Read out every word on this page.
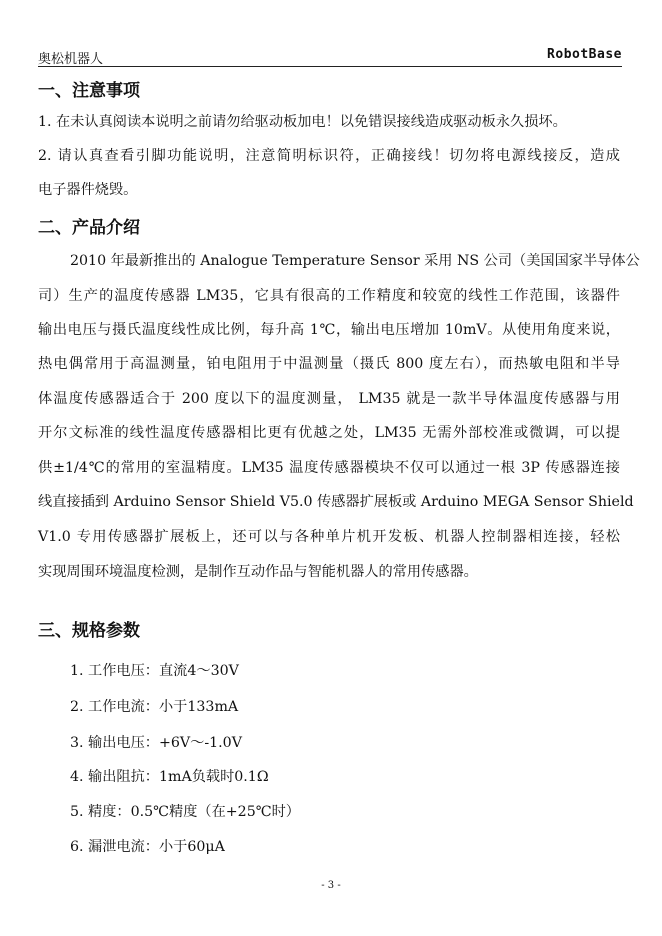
奥松机器人	RobotBase
一、注意事项
1. 在未认真阅读本说明之前请勿给驱动板加电！以免错误接线造成驱动板永久损坏。
2. 请认真查看引脚功能说明，注意简明标识符，正确接线！切勿将电源线接反，造成
电子器件烧毁。
二、产品介绍
2010 年最新推出的 Analogue Temperature Sensor 采用 NS 公司（美国国家半导体公
司）生产的温度传感器 LM35，它具有很高的工作精度和较宽的线性工作范围，该器件
输出电压与摄氏温度线性成比例，每升高 1℃，输出电压增加 10mV。从使用角度来说，
热电偶常用于高温测量，铂电阻用于中温测量（摄氏 800 度左右），而热敏电阻和半导
体温度传感器适合于 200 度以下的温度测量， LM35 就是一款半导体温度传感器与用
开尔文标准的线性温度传感器相比更有优越之处，LM35 无需外部校准或微调，可以提
供±1/4℃的常用的室温精度。LM35 温度传感器模块不仅可以通过一根 3P 传感器连接
线直接插到 Arduino Sensor Shield V5.0 传感器扩展板或 Arduino MEGA Sensor Shield
V1.0 专用传感器扩展板上，还可以与各种单片机开发板、机器人控制器相连接，轻松
实现周围环境温度检测，是制作互动作品与智能机器人的常用传感器。
三、规格参数
1. 工作电压：直流4～30V
2. 工作电流：小于133mA
3. 输出电压：+6V～-1.0V
4. 输出阻抗：1mA负载时0.1Ω
5. 精度：0.5℃精度（在+25℃时）
6. 漏泄电流：小于60μA
- 3 -
